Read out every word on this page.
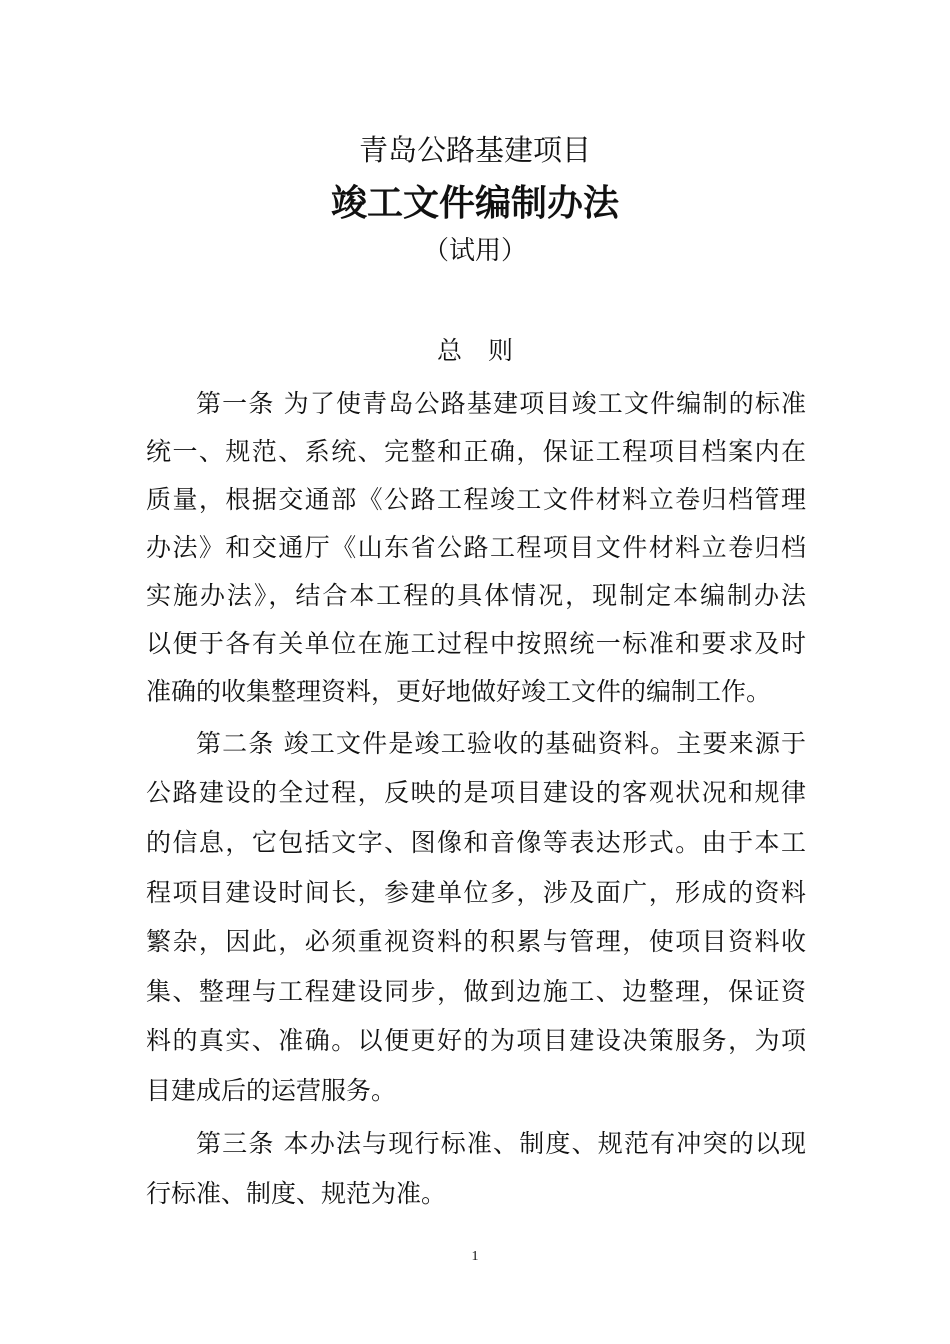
青岛公路基建项目
竣工文件编制办法
（试用）
总 则
第一条 为了使青岛公路基建项目竣工文件编制的标准
统一、规范、系统、完整和正确，保证工程项目档案内在
质量，根据交通部《公路工程竣工文件材料立卷归档管理
办法》和交通厅《山东省公路工程项目文件材料立卷归档
实施办法》，结合本工程的具体情况，现制定本编制办法
以便于各有关单位在施工过程中按照统一标准和要求及时
准确的收集整理资料，更好地做好竣工文件的编制工作。
第二条 竣工文件是竣工验收的基础资料。主要来源于
公路建设的全过程，反映的是项目建设的客观状况和规律
的信息，它包括文字、图像和音像等表达形式。由于本工
程项目建设时间长，参建单位多，涉及面广，形成的资料
繁杂，因此，必须重视资料的积累与管理，使项目资料收
集、整理与工程建设同步，做到边施工、边整理，保证资
料的真实、准确。以便更好的为项目建设决策服务，为项
目建成后的运营服务。
第三条 本办法与现行标准、制度、规范有冲突的以现
行标准、制度、规范为准。
1
